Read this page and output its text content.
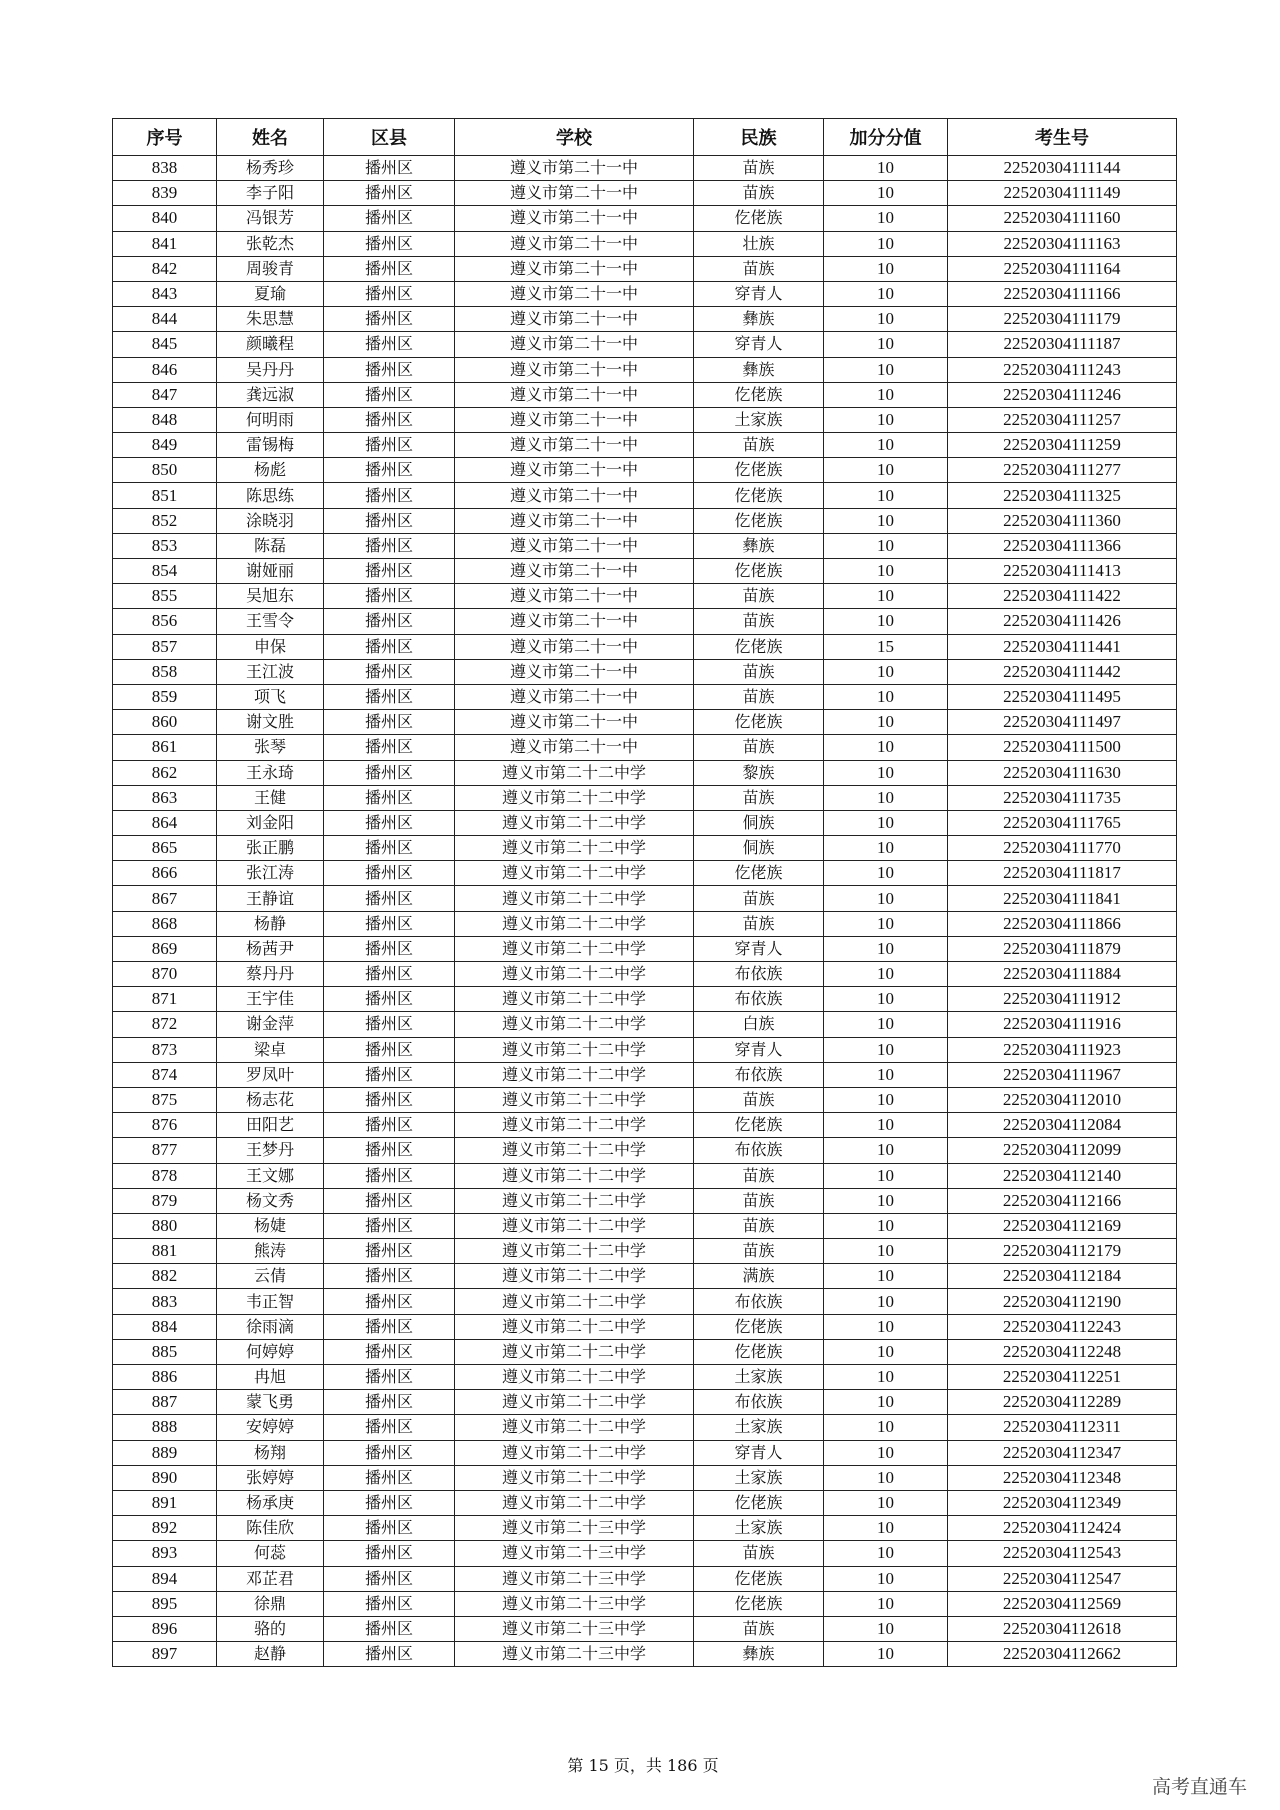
序号	姓名	区县	学校	民族	加分分值	考生号
838	杨秀珍	播州区	遵义市第二十一中	苗族	10	22520304111144
839	李子阳	播州区	遵义市第二十一中	苗族	10	22520304111149
840	冯银芳	播州区	遵义市第二十一中	仡佬族	10	22520304111160
841	张乾杰	播州区	遵义市第二十一中	壮族	10	22520304111163
842	周骏青	播州区	遵义市第二十一中	苗族	10	22520304111164
843	夏瑜	播州区	遵义市第二十一中	穿青人	10	22520304111166
844	朱思慧	播州区	遵义市第二十一中	彝族	10	22520304111179
845	颜曦程	播州区	遵义市第二十一中	穿青人	10	22520304111187
846	吴丹丹	播州区	遵义市第二十一中	彝族	10	22520304111243
847	龚远淑	播州区	遵义市第二十一中	仡佬族	10	22520304111246
848	何明雨	播州区	遵义市第二十一中	土家族	10	22520304111257
849	雷锡梅	播州区	遵义市第二十一中	苗族	10	22520304111259
850	杨彪	播州区	遵义市第二十一中	仡佬族	10	22520304111277
851	陈思练	播州区	遵义市第二十一中	仡佬族	10	22520304111325
852	涂晓羽	播州区	遵义市第二十一中	仡佬族	10	22520304111360
853	陈磊	播州区	遵义市第二十一中	彝族	10	22520304111366
854	谢娅丽	播州区	遵义市第二十一中	仡佬族	10	22520304111413
855	吴旭东	播州区	遵义市第二十一中	苗族	10	22520304111422
856	王雪令	播州区	遵义市第二十一中	苗族	10	22520304111426
857	申保	播州区	遵义市第二十一中	仡佬族	15	22520304111441
858	王江波	播州区	遵义市第二十一中	苗族	10	22520304111442
859	项飞	播州区	遵义市第二十一中	苗族	10	22520304111495
860	谢文胜	播州区	遵义市第二十一中	仡佬族	10	22520304111497
861	张琴	播州区	遵义市第二十一中	苗族	10	22520304111500
862	王永琦	播州区	遵义市第二十二中学	黎族	10	22520304111630
863	王健	播州区	遵义市第二十二中学	苗族	10	22520304111735
864	刘金阳	播州区	遵义市第二十二中学	侗族	10	22520304111765
865	张正鹏	播州区	遵义市第二十二中学	侗族	10	22520304111770
866	张江涛	播州区	遵义市第二十二中学	仡佬族	10	22520304111817
867	王静谊	播州区	遵义市第二十二中学	苗族	10	22520304111841
868	杨静	播州区	遵义市第二十二中学	苗族	10	22520304111866
869	杨茜尹	播州区	遵义市第二十二中学	穿青人	10	22520304111879
870	蔡丹丹	播州区	遵义市第二十二中学	布依族	10	22520304111884
871	王宇佳	播州区	遵义市第二十二中学	布依族	10	22520304111912
872	谢金萍	播州区	遵义市第二十二中学	白族	10	22520304111916
873	梁卓	播州区	遵义市第二十二中学	穿青人	10	22520304111923
874	罗凤叶	播州区	遵义市第二十二中学	布依族	10	22520304111967
875	杨志花	播州区	遵义市第二十二中学	苗族	10	22520304112010
876	田阳艺	播州区	遵义市第二十二中学	仡佬族	10	22520304112084
877	王梦丹	播州区	遵义市第二十二中学	布依族	10	22520304112099
878	王文娜	播州区	遵义市第二十二中学	苗族	10	22520304112140
879	杨文秀	播州区	遵义市第二十二中学	苗族	10	22520304112166
880	杨婕	播州区	遵义市第二十二中学	苗族	10	22520304112169
881	熊涛	播州区	遵义市第二十二中学	苗族	10	22520304112179
882	云倩	播州区	遵义市第二十二中学	满族	10	22520304112184
883	韦正智	播州区	遵义市第二十二中学	布依族	10	22520304112190
884	徐雨滴	播州区	遵义市第二十二中学	仡佬族	10	22520304112243
885	何婷婷	播州区	遵义市第二十二中学	仡佬族	10	22520304112248
886	冉旭	播州区	遵义市第二十二中学	土家族	10	22520304112251
887	蒙飞勇	播州区	遵义市第二十二中学	布依族	10	22520304112289
888	安婷婷	播州区	遵义市第二十二中学	土家族	10	22520304112311
889	杨翔	播州区	遵义市第二十二中学	穿青人	10	22520304112347
890	张婷婷	播州区	遵义市第二十二中学	土家族	10	22520304112348
891	杨承庚	播州区	遵义市第二十二中学	仡佬族	10	22520304112349
892	陈佳欣	播州区	遵义市第二十三中学	土家族	10	22520304112424
893	何蕊	播州区	遵义市第二十三中学	苗族	10	22520304112543
894	邓芷君	播州区	遵义市第二十三中学	仡佬族	10	22520304112547
895	徐鼎	播州区	遵义市第二十三中学	仡佬族	10	22520304112569
896	骆的	播州区	遵义市第二十三中学	苗族	10	22520304112618
897	赵静	播州区	遵义市第二十三中学	彝族	10	22520304112662
第 15 页，共 186 页
高考直通车
